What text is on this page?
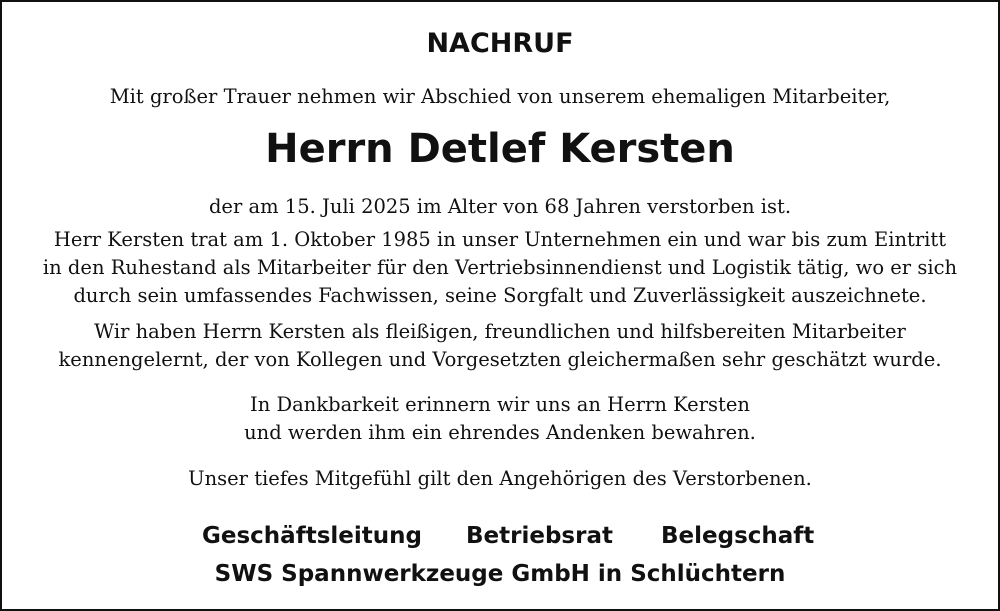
NACHRUF
Mit großer Trauer nehmen wir Abschied von unserem ehemaligen Mitarbeiter,
Herrn Detlef Kersten
der am 15. Juli 2025 im Alter von 68 Jahren verstorben ist.
Herr Kersten trat am 1. Oktober 1985 in unser Unternehmen ein und war bis zum Eintritt
in den Ruhestand als Mitarbeiter für den Vertriebsinnendienst und Logistik tätig, wo er sich
durch sein umfassendes Fachwissen, seine Sorgfalt und Zuverlässigkeit auszeichnete.
Wir haben Herrn Kersten als fleißigen, freundlichen und hilfsbereiten Mitarbeiter
kennengelernt, der von Kollegen und Vorgesetzten gleichermaßen sehr geschätzt wurde.
In Dankbarkeit erinnern wir uns an Herrn Kersten
und werden ihm ein ehrendes Andenken bewahren.
Unser tiefes Mitgefühl gilt den Angehörigen des Verstorbenen.
Geschäftsleitung Betriebsrat Belegschaft
SWS Spannwerkzeuge GmbH in Schlüchtern
